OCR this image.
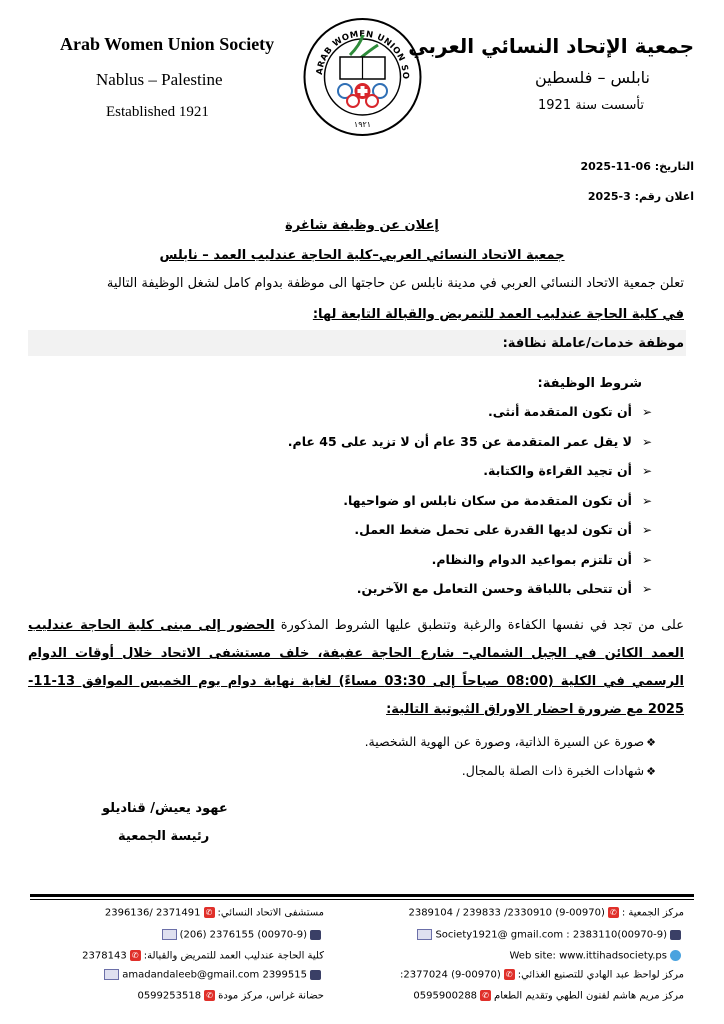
Arab Women Union Society
Nablus – Palestine
Established 1921
ARAB WOMEN UNION SO
١٩٢١
جمعية الإتحاد النسائي العربي
نابلس – فلسطين
تأسست سنة 1921
التاريخ: 06-11-2025
اعلان رقم: 3-2025
إعلان عن وظيفة شاغرة
جمعية الاتحاد النسائي العربي–كلية الحاجة عندليب العمد – نابلس
تعلن جمعية الاتحاد النسائي العربي في مدينة نابلس عن حاجتها الى موظفة بدوام كامل لشغل الوظيفة التالية
في كلية الحاجة عندليب العمد للتمريض والقبالة التابعة لها:
موظفة خدمات/عاملة نظافة:
شروط الوظيفة:
➢أن تكون المتقدمة أنثى.
➢لا يقل عمر المتقدمة عن 35 عام أن لا تزيد على 45 عام.
➢أن تجيد القراءة والكتابة.
➢أن تكون المتقدمة من سكان نابلس او ضواحيها.
➢أن تكون لديها القدرة على تحمل ضغط العمل.
➢أن تلتزم بمواعيد الدوام والنظام.
➢أن تتحلى باللباقة وحسن التعامل مع الآخرين.
على من تجد في نفسها الكفاءة والرغبة وتنطبق عليها الشروط المذكورة الحضور إلى مبنى كلية الحاجة عندليب العمد الكائن في الجبل الشمالي– شارع الحاجة عفيفة، خلف مستشفى الاتحاد خلال أوقات الدوام الرسمي في الكلية (08:00 صباحاً إلى 03:30 مساءً) لغاية نهاية دوام يوم الخميس الموافق 13-11-2025 مع ضرورة احضار الاوراق الثبوتية التالية:
❖صورة عن السيرة الذاتية، وصورة عن الهوية الشخصية.
❖شهادات الخبرة ذات الصلة بالمجال.
عهود يعيش/ قناديلو
رئيسة الجمعية
مركز الجمعية :✆(00970-9) 2330910/ 239833 / 2389104
(00970-9)2383110 : Society1921@ gmail.com
Web site: www.ittihadsociety.ps
مركز لواحظ عبد الهادي للتصنيع الغذائي:✆(00970-9) 2377024:
مركز مريم هاشم لفنون الطهي وتقديم الطعام✆0595900288
مستشفى الاتحاد النسائي:✆2371491 /2396136
(00970-9) 2376155 (206)
كلية الحاجة عندليب العمد للتمريض والقبالة:✆2378143
amadandaleeb@gmail.com 2399515
حضانة غراس، مركز مودة✆0599253518
